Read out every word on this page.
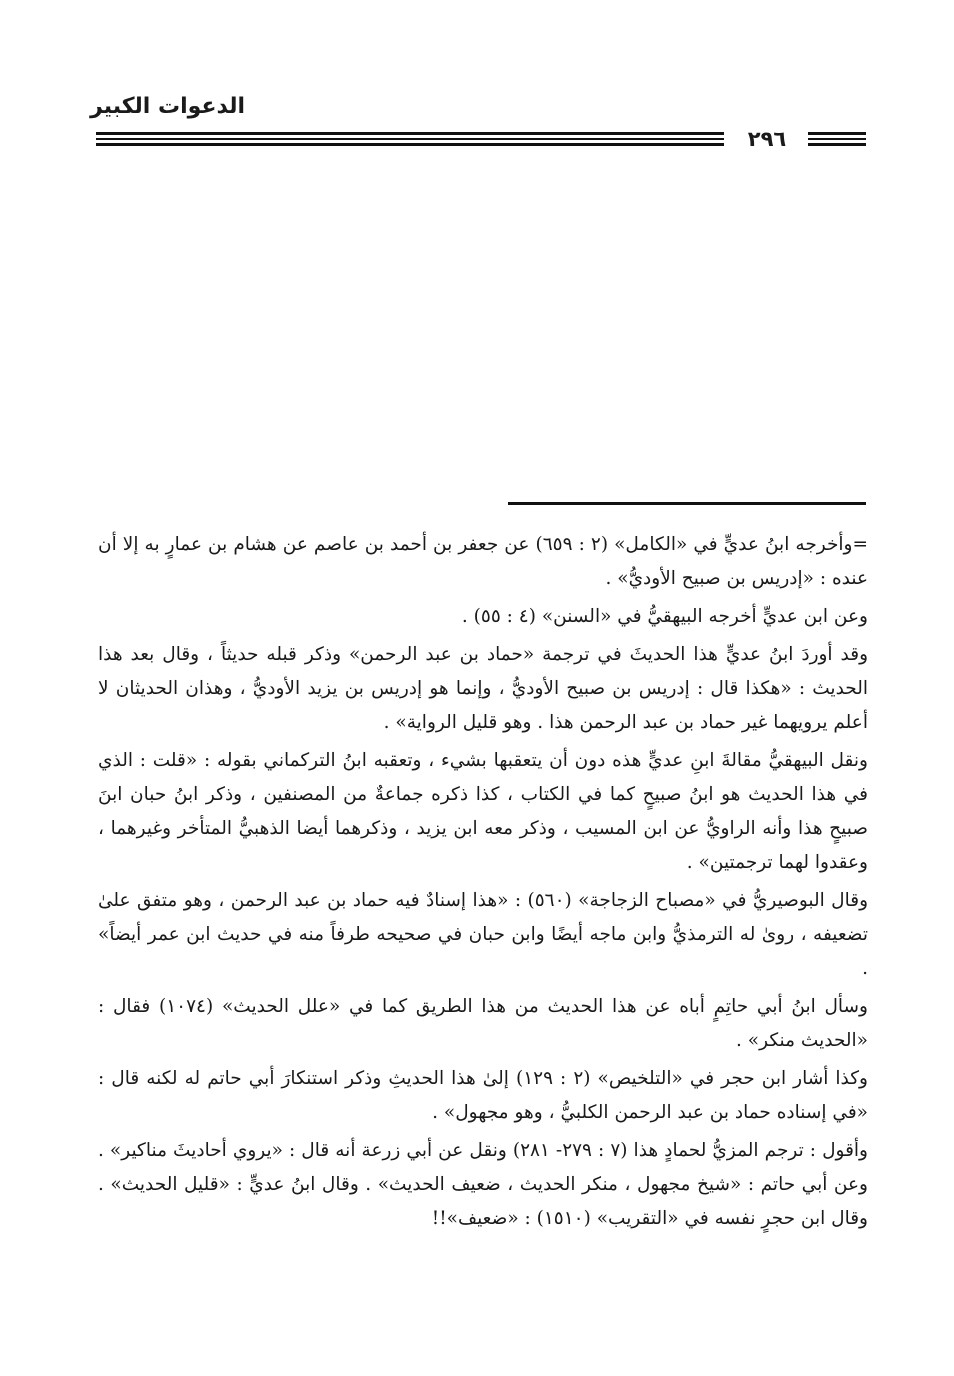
الدعوات الكبير
٢٩٦

=وأخرجه ابنُ عديٍّ في «الكامل» (٢ : ٦٥٩) عن جعفر بن أحمد بن عاصم عن هشام بن عمارٍ به إلا أن عنده : «إدريس بن صبيح الأوديُّ» .

وعن ابن عديٍّ أخرجه البيهقيُّ في «السنن» (٤ : ٥٥) .

وقد أوردَ ابنُ عديٍّ هذا الحديثَ في ترجمة «حماد بن عبد الرحمن» وذكر قبله حديثاً ، وقال بعد هذا الحديث : «هكذا قال : إدريس بن صبيح الأوديُّ ، وإنما هو إدريس بن يزيد الأوديُّ ، وهذان الحديثان لا أعلم يرويهما غير حماد بن عبد الرحمن هذا . وهو قليل الرواية» .

ونقل البيهقيُّ مقالةَ ابنِ عديٍّ هذه دون أن يتعقبها بشيء ، وتعقبه ابنُ التركماني بقوله : «قلت : الذي في هذا الحديث هو ابنُ صبيحٍ كما في الكتاب ، كذا ذكره جماعةٌ من المصنفين ، وذكر ابنُ حبان ابنَ صبيحٍ هذا وأنه الراويُّ عن ابن المسيب ، وذكر معه ابن يزيد ، وذكرهما أيضا الذهبيُّ المتأخر وغيرهما ، وعقدوا لهما ترجمتين» .

وقال البوصيريُّ في «مصباح الزجاجة» (٥٦٠) : «هذا إسنادٌ فيه حماد بن عبد الرحمن ، وهو متفق علىٰ تضعيفه ، رویٰ له الترمذيُّ وابن ماجه أيضًا وابن حبان في صحيحه طرفاً منه في حديث ابن عمر أيضاً» .

وسأل ابنُ أبي حاتِمٍ أباه عن هذا الحديث من هذا الطريق كما في «علل الحديث» (١٠٧٤) فقال : «الحديث منكر» .

وكذا أشار ابن حجر في «التلخيص» (٢ : ١٢٩) إلىٰ هذا الحديثِ وذكر استنكارَ أبي حاتم له لكنه قال : «في إسناده حماد بن عبد الرحمن الكلبيُّ ، وهو مجهول» .

وأقول : ترجم المزيُّ لحمادٍ هذا (٧ : ٢٧٩- ٢٨١) ونقل عن أبي زرعة أنه قال : «يروي أحاديثَ مناكير» . وعن أبي حاتم : «شيخ مجهول ، منكر الحديث ، ضعيف الحديث» . وقال ابنُ عديٍّ : «قليل الحديث» . وقال ابن حجرٍ نفسه في «التقريب» (١٥١٠) : «ضعيف»!!
